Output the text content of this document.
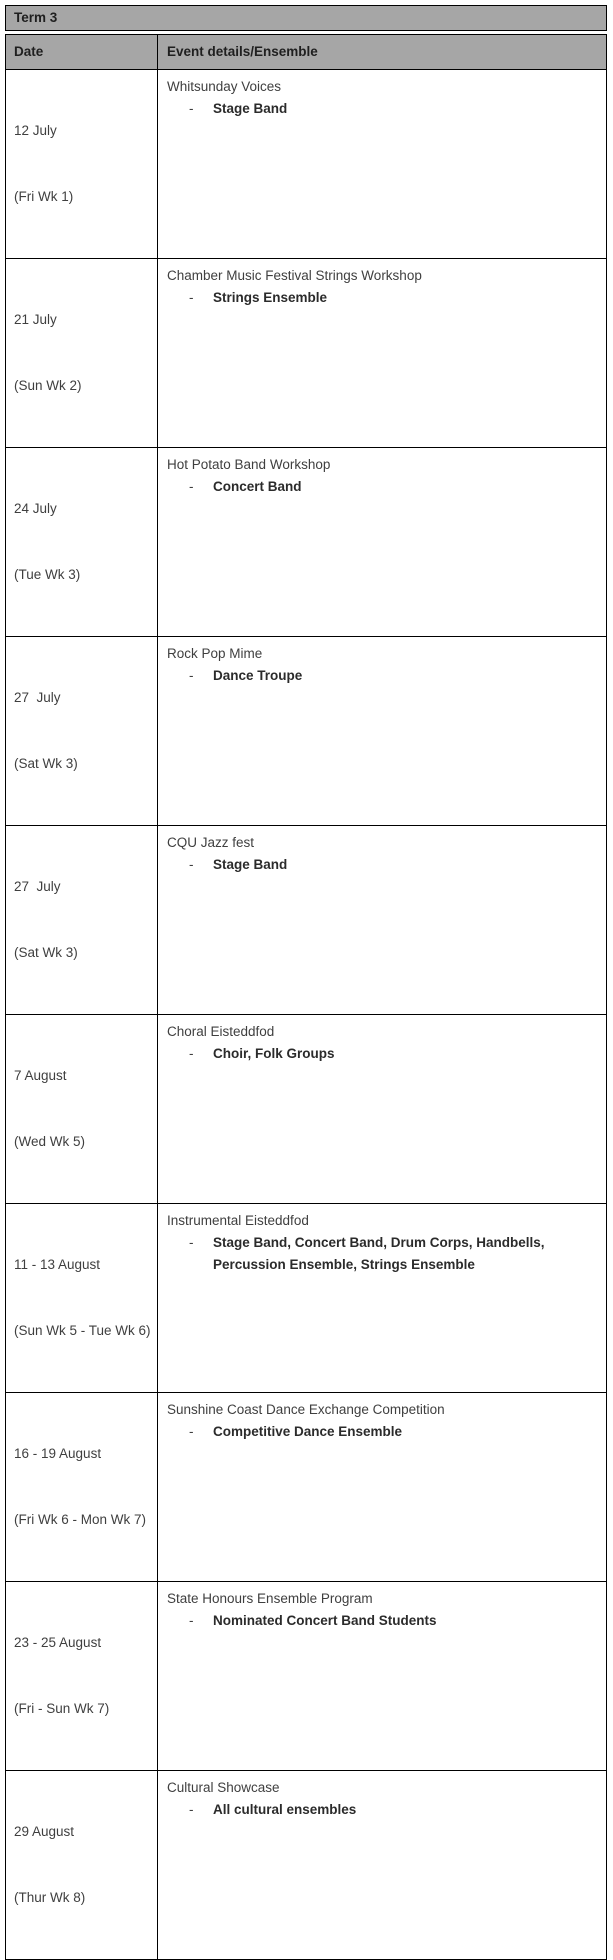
Term 3
Date	Event details/Ensemble

12 July

(Fri Wk 1)

Whitsunday Voices
- Stage Band

21 July

(Sun Wk 2)

Chamber Music Festival Strings Workshop
- Strings Ensemble

24 July

(Tue Wk 3)

Hot Potato Band Workshop
- Concert Band

27  July

(Sat Wk 3)

Rock Pop Mime
- Dance Troupe

27  July

(Sat Wk 3)

CQU Jazz fest
- Stage Band

7 August

(Wed Wk 5)

Choral Eisteddfod
- Choir, Folk Groups

11 - 13 August

(Sun Wk 5 - Tue Wk 6)

Instrumental Eisteddfod
- Stage Band, Concert Band, Drum Corps, Handbells, Percussion Ensemble, Strings Ensemble

16 - 19 August

(Fri Wk 6 - Mon Wk 7)

Sunshine Coast Dance Exchange Competition
- Competitive Dance Ensemble

23 - 25 August

(Fri - Sun Wk 7)

State Honours Ensemble Program
- Nominated Concert Band Students

29 August

(Thur Wk 8)

Cultural Showcase
- All cultural ensembles
